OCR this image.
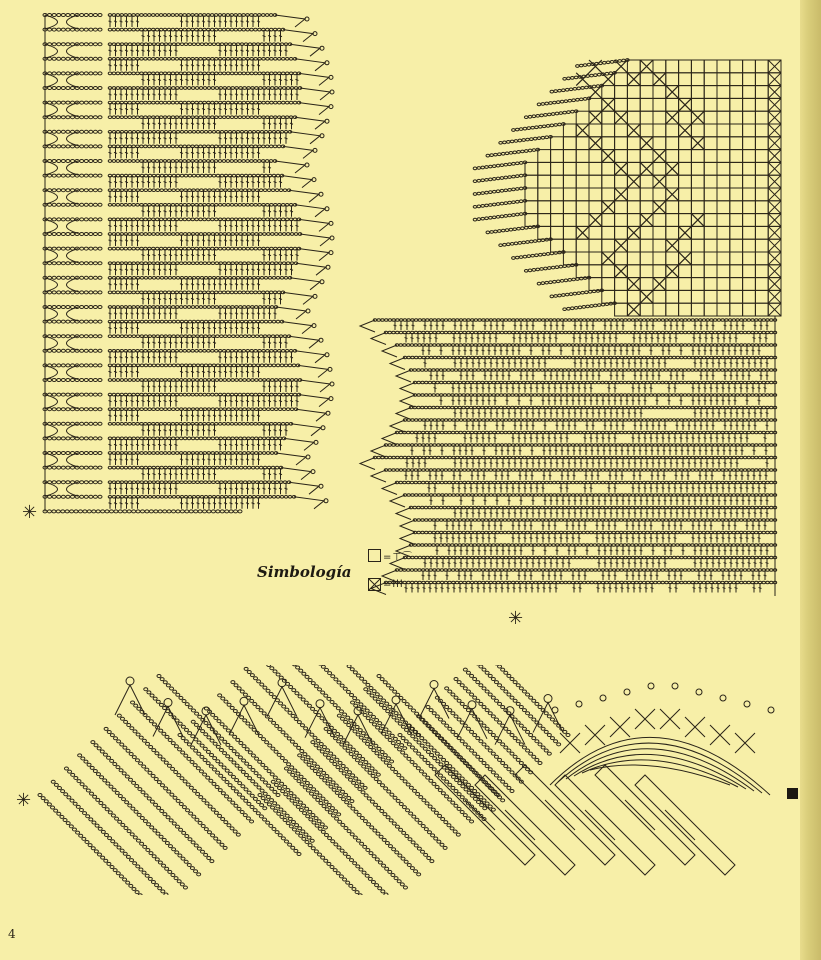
✳
✳
Simbología
=⊤⌒
=ƚƚƚ
✳
4
